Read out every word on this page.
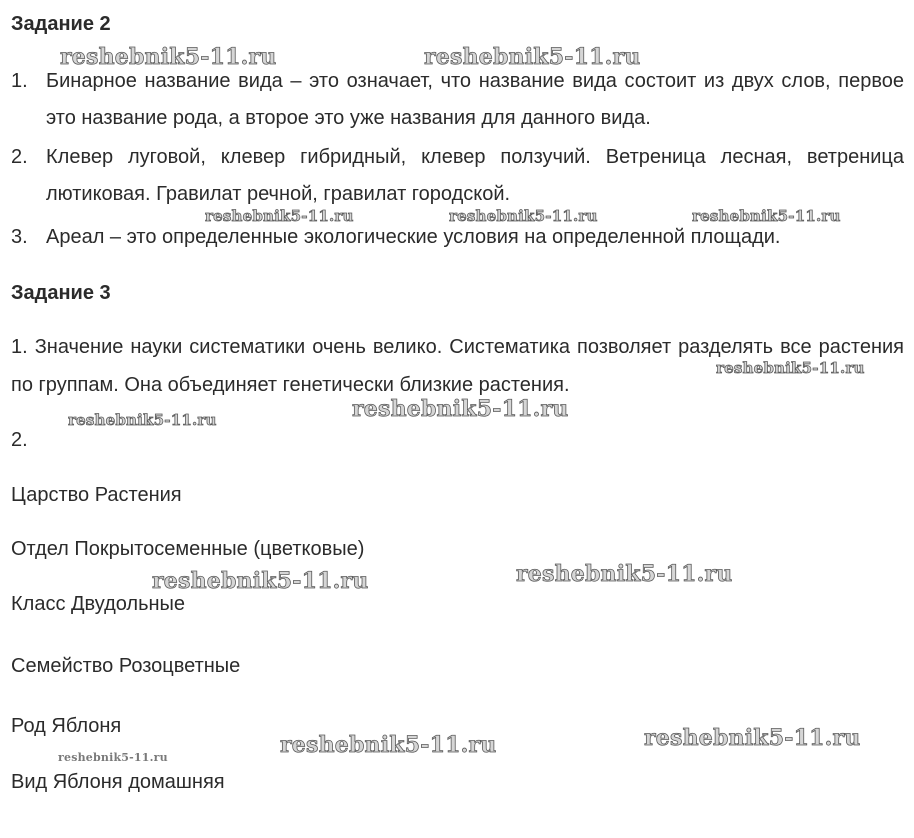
Задание 2
1. Бинарное название вида – это означает, что название вида состоит из двух слов, первое это название рода, а второе это уже названия для данного вида.
2. Клевер луговой, клевер гибридный, клевер ползучий. Ветреница лесная, ветреница лютиковая. Гравилат речной, гравилат городской.
3. Ареал – это определенные экологические условия на определенной площади.
Задание 3

1. Значение науки систематики очень велико. Систематика позволяет разделять все растения по группам. Она объединяет генетически близкие растения.

2.
Царство Растения
Отдел Покрытосеменные (цветковые)
Класс Двудольные
Семейство Розоцветные
Род Яблоня
Вид Яблоня домашняя
reshebnik5-11.ru	reshebnik5-11.ru
reshebnik5-11.ru	reshebnik5-11.ru	reshebnik5-11.ru
reshebnik5-11.ru
reshebnik5-11.ru
reshebnik5-11.ru
reshebnik5-11.ru	reshebnik5-11.ru
reshebnik5-11.ru	reshebnik5-11.ru
reshebnik5-11.ru
